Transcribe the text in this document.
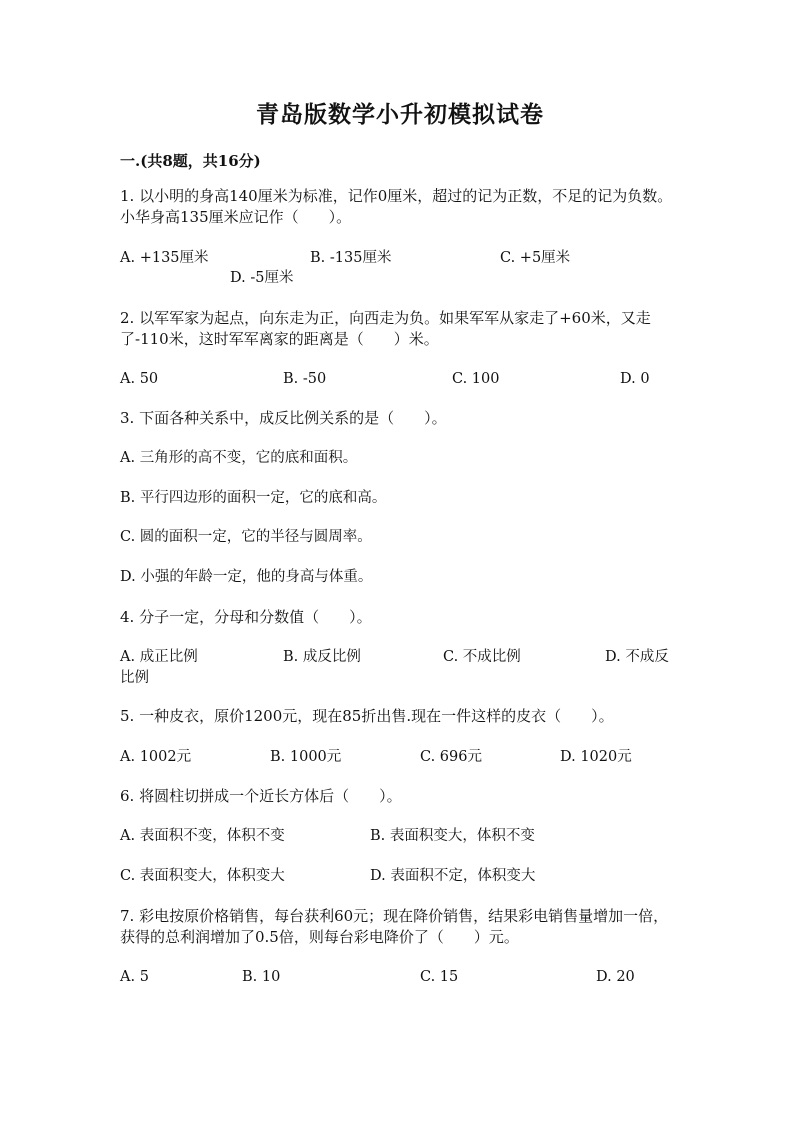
青岛版数学小升初模拟试卷
一.(共8题，共16分)
1. 以小明的身高140厘米为标准，记作0厘米，超过的记为正数，不足的记为负数。小华身高135厘米应记作（　　）。
A. +135厘米	B. -135厘米	C. +5厘米
D. -5厘米
2. 以军军家为起点，向东走为正，向西走为负。如果军军从家走了+60米，又走了-110米，这时军军离家的距离是（　　）米。
A. 50	B. -50	C. 100	D. 0
3. 下面各种关系中，成反比例关系的是（　　）。
A. 三角形的高不变，它的底和面积。
B. 平行四边形的面积一定，它的底和高。
C. 圆的面积一定，它的半径与圆周率。
D. 小强的年龄一定，他的身高与体重。
4. 分子一定，分母和分数值（　　）。
A. 成正比例	B. 成反比例	C. 不成比例	D. 不成反比例
5. 一种皮衣，原价1200元，现在85折出售.现在一件这样的皮衣（　　）。
A. 1002元	B. 1000元	C. 696元	D. 1020元
6. 将圆柱切拼成一个近长方体后（　　）。
A. 表面积不变，体积不变	B. 表面积变大，体积不变
C. 表面积变大，体积变大	D. 表面积不定，体积变大
7. 彩电按原价格销售，每台获利60元；现在降价销售，结果彩电销售量增加一倍，获得的总利润增加了0.5倍，则每台彩电降价了（　　）元。
A. 5	B. 10	C. 15	D. 20
